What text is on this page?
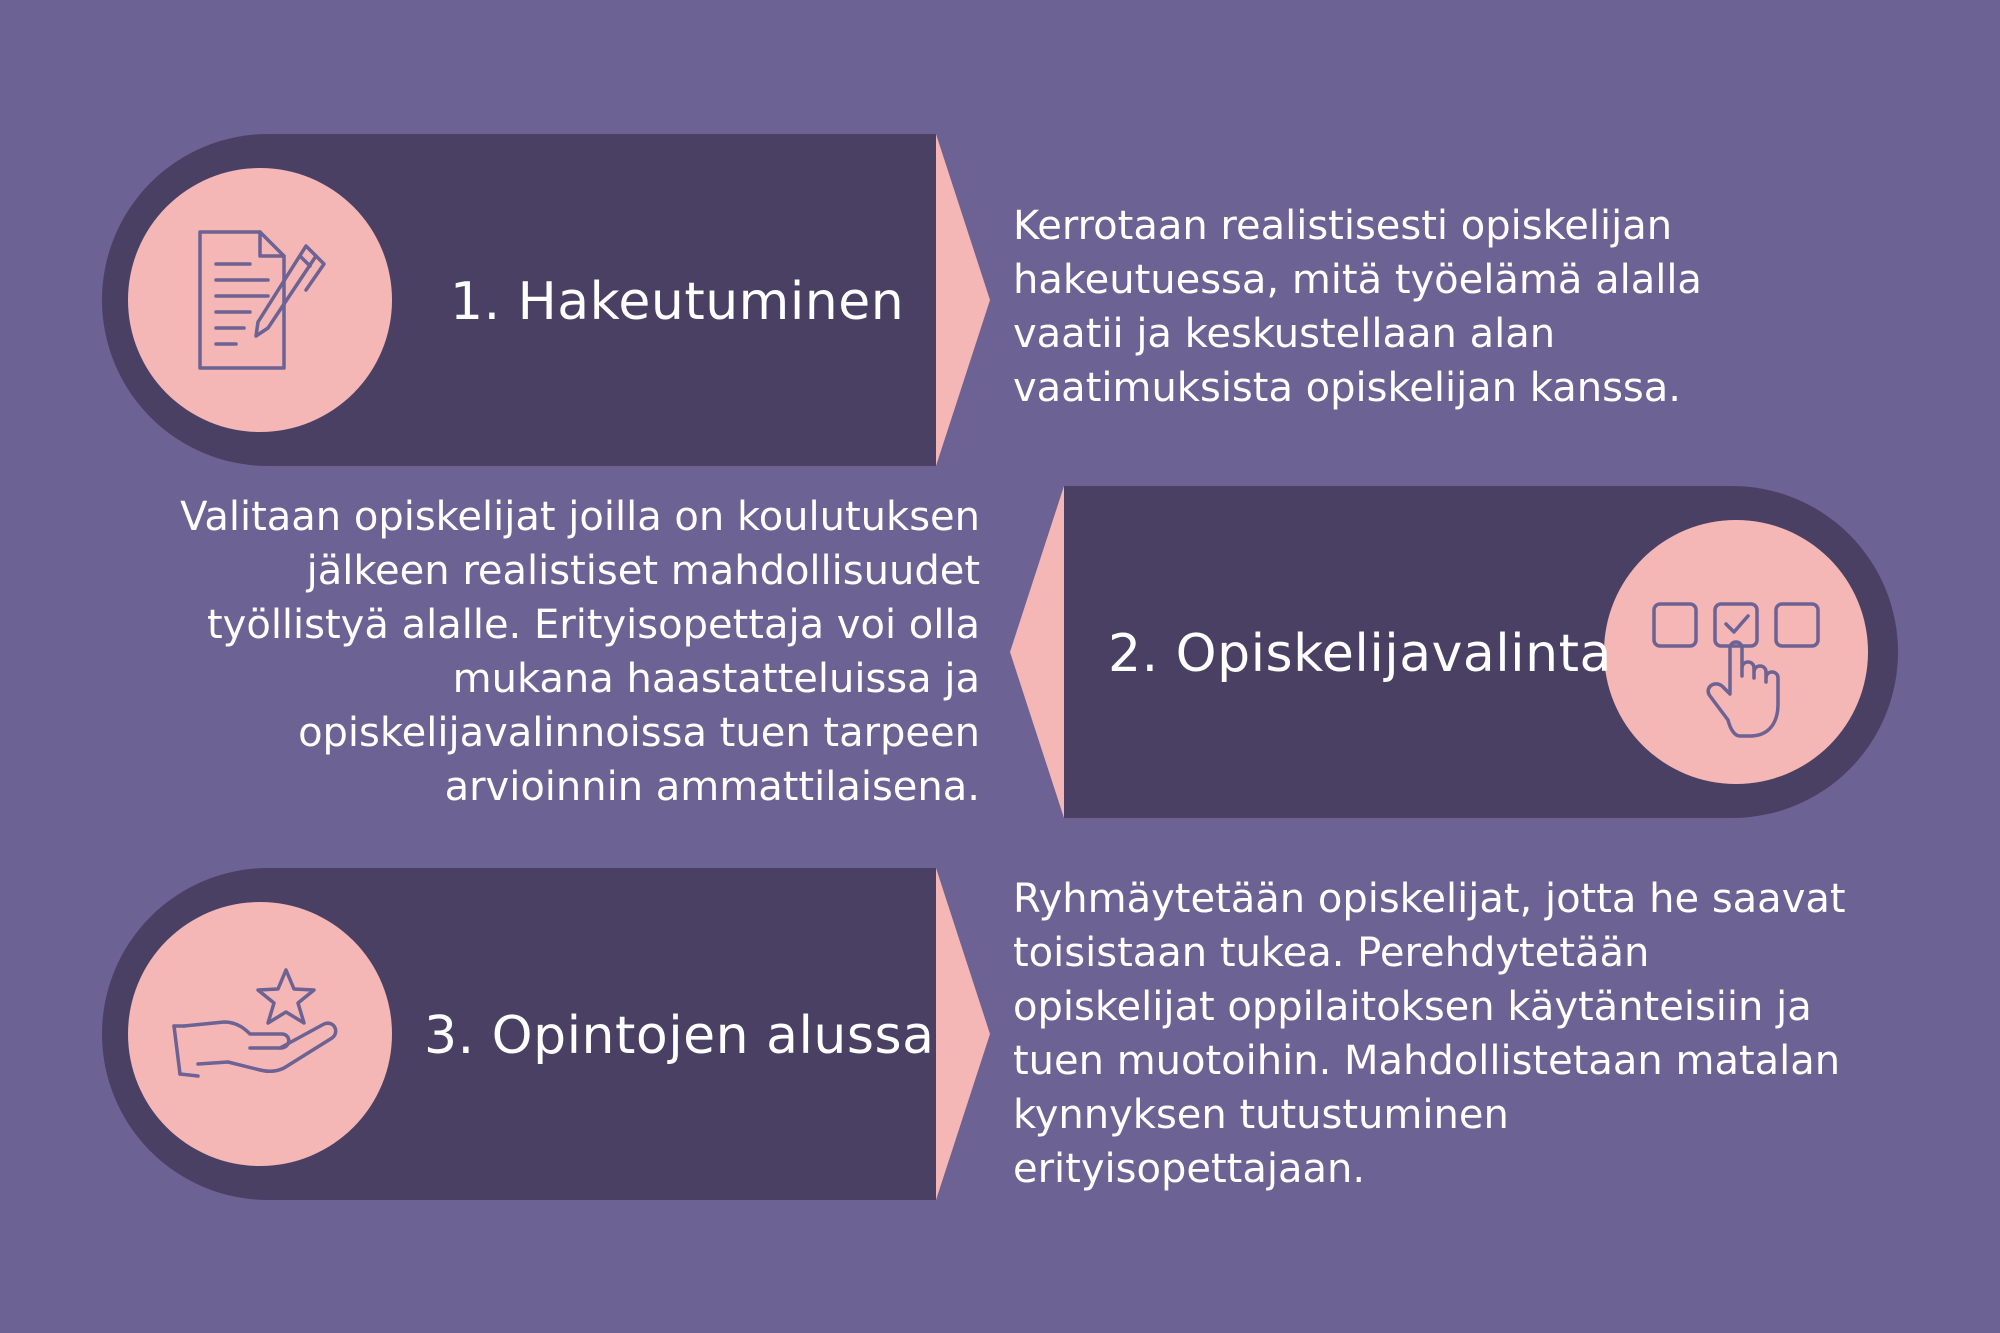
1. Hakeutuminen
Kerrotaan realistisesti opiskelijan
hakeutuessa, mitä työelämä alalla
vaatii ja keskustellaan alan
vaatimuksista opiskelijan kanssa.
2. Opiskelijavalinta
Valitaan opiskelijat joilla on koulutuksen
jälkeen realistiset mahdollisuudet
työllistyä alalle. Erityisopettaja voi olla
mukana haastatteluissa ja
opiskelijavalinnoissa tuen tarpeen
arvioinnin ammattilaisena.
3. Opintojen alussa
Ryhmäytetään opiskelijat, jotta he saavat
toisistaan tukea. Perehdytetään
opiskelijat oppilaitoksen käytänteisiin ja
tuen muotoihin. Mahdollistetaan matalan
kynnyksen tutustuminen
erityisopettajaan.
